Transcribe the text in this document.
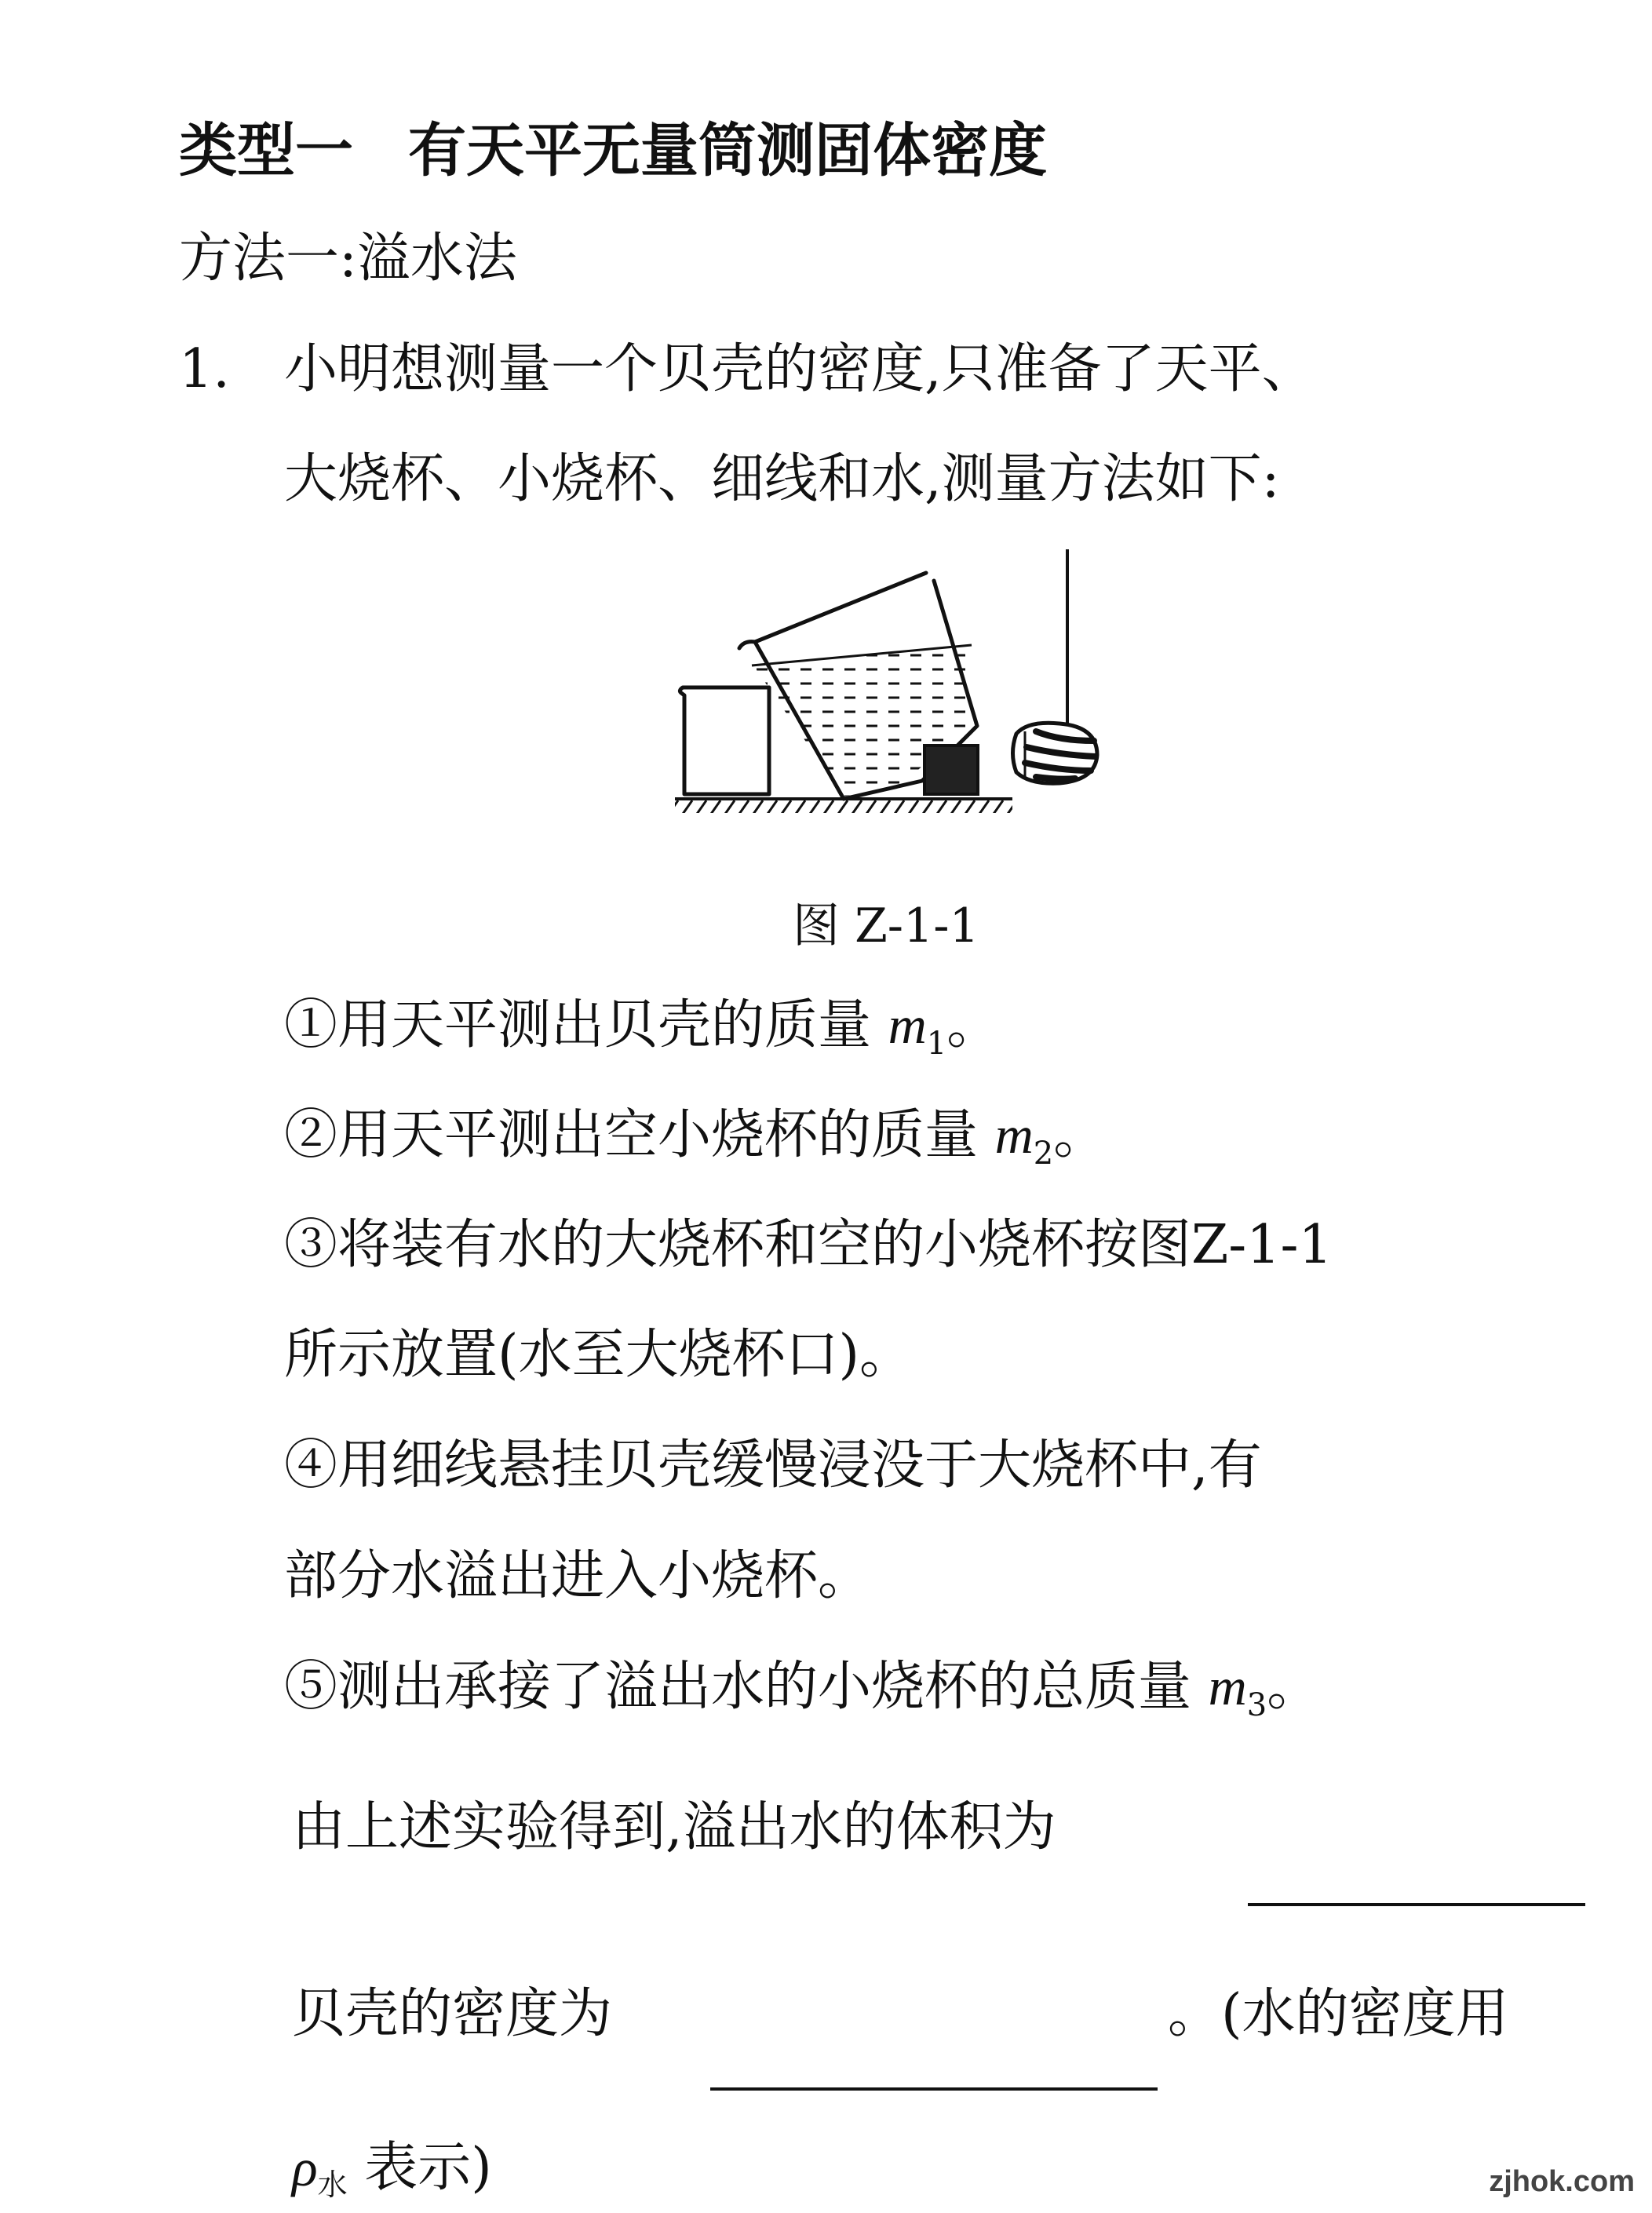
类型一 有天平无量筒测固体密度
方法一:溢水法
1. 小明想测量一个贝壳的密度,只准备了天平、
大烧杯、小烧杯、细线和水,测量方法如下:
图 Z-1-1
①用天平测出贝壳的质量 $m_1$。
②用天平测出空小烧杯的质量 $m_2$。
③将装有水的大烧杯和空的小烧杯按图Z-1-1
所示放置(水至大烧杯口)。
④用细线悬挂贝壳缓慢浸没于大烧杯中,有
部分水溢出进入小烧杯。
⑤测出承接了溢出水的小烧杯的总质量 $m_3$。
由上述实验得到,溢出水的体积为
贝壳的密度为	。(水的密度用
ρ水 表示)	zjhok.com
